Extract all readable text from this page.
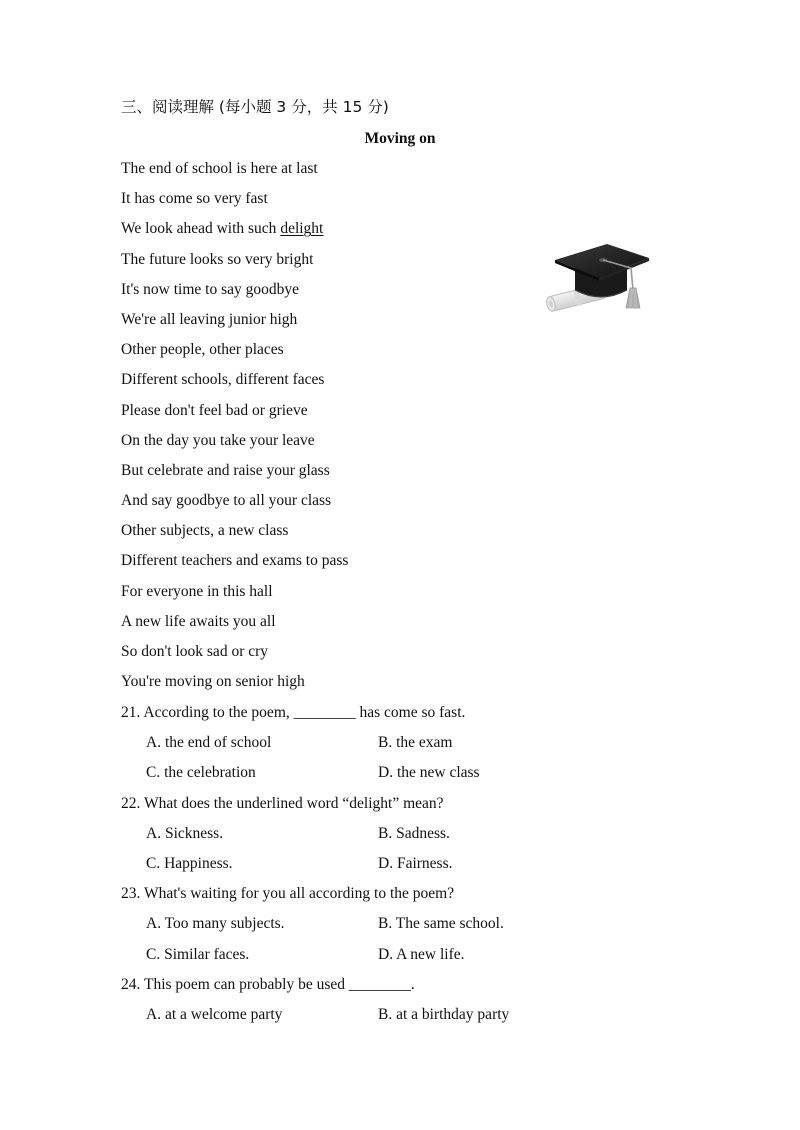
三、阅读理解 (每小题 3 分，共 15 分)
Moving on
The end of school is here at last
It has come so very fast
We look ahead with such delight
The future looks so very bright
It's now time to say goodbye
We're all leaving junior high
Other people, other places
Different schools, different faces
Please don't feel bad or grieve
On the day you take your leave
But celebrate and raise your glass
And say goodbye to all your class
Other subjects, a new class
Different teachers and exams to pass
For everyone in this hall
A new life awaits you all
So don't look sad or cry
You're moving on senior high
21. According to the poem, ________ has come so fast.
A. the end of school	B. the exam
C. the celebration	D. the new class
22. What does the underlined word “delight” mean?
A. Sickness.	B. Sadness.
C. Happiness.	D. Fairness.
23. What's waiting for you all according to the poem?
A. Too many subjects.	B. The same school.
C. Similar faces.	D. A new life.
24. This poem can probably be used ________.
A. at a welcome party	B. at a birthday party
